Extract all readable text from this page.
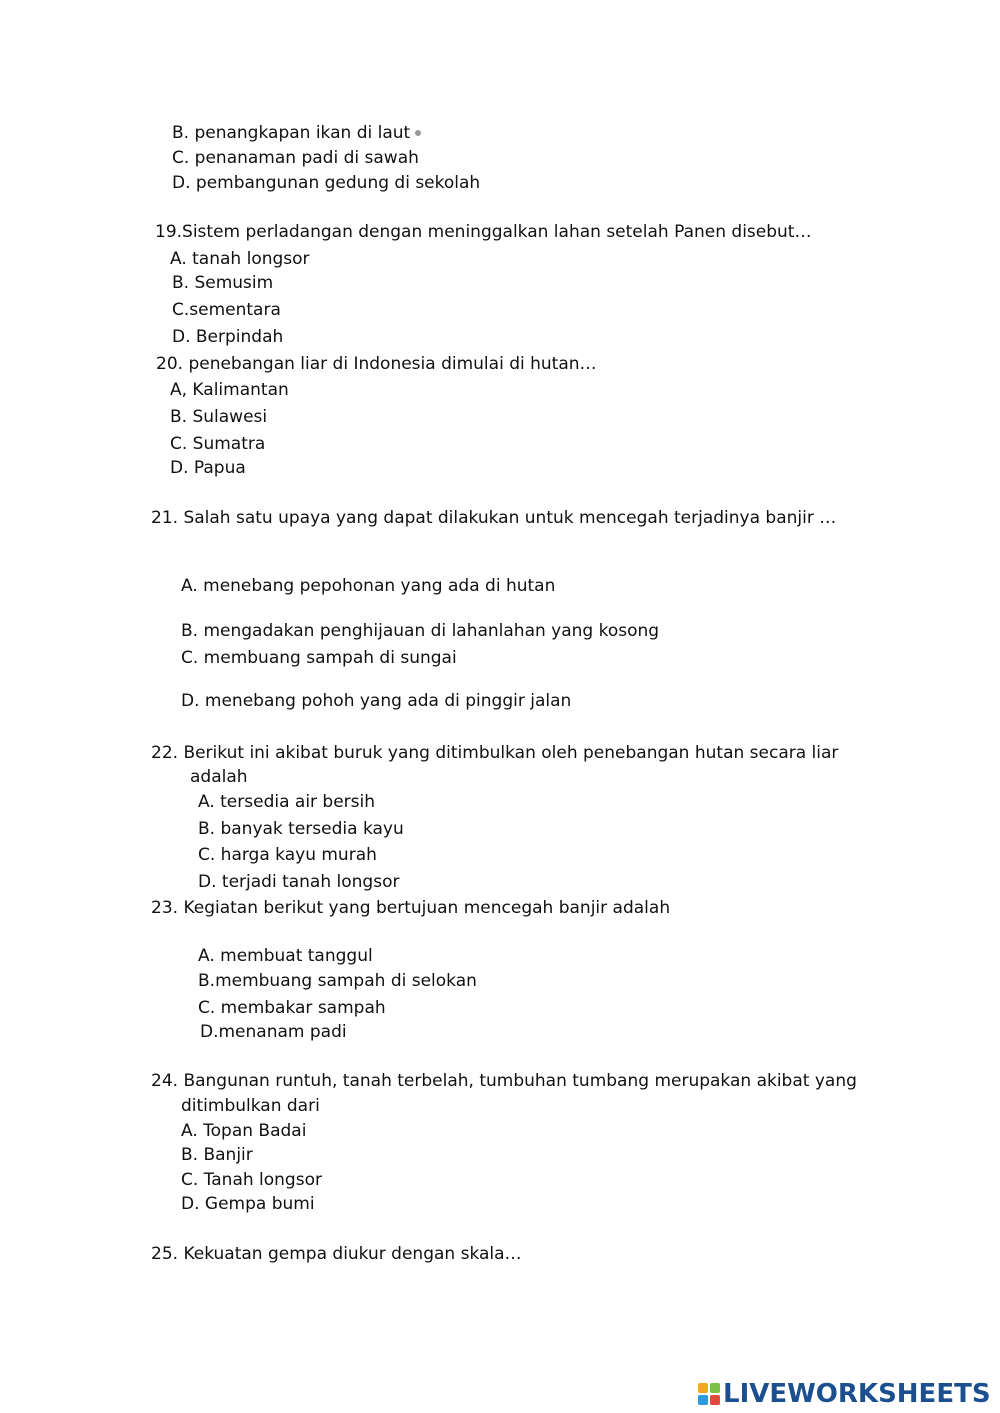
B. penangkapan ikan di laut
C. penanaman padi di sawah
D. pembangunan gedung di sekolah
19.Sistem perladangan dengan meninggalkan lahan setelah Panen disebut…
A. tanah longsor
B. Semusim
C.sementara
D. Berpindah
20. penebangan liar di Indonesia dimulai di hutan…
A, Kalimantan
B. Sulawesi
C. Sumatra
D. Papua
21. Salah satu upaya yang dapat dilakukan untuk mencegah terjadinya banjir …
A. menebang pepohonan yang ada di hutan
B. mengadakan penghijauan di lahanlahan yang kosong
C. membuang sampah di sungai
D. menebang pohoh yang ada di pinggir jalan
22. Berikut ini akibat buruk yang ditimbulkan oleh penebangan hutan secara liar
adalah
A. tersedia air bersih
B. banyak tersedia kayu
C. harga kayu murah
D. terjadi tanah longsor
23. Kegiatan berikut yang bertujuan mencegah banjir adalah
A. membuat tanggul
B.membuang sampah di selokan
C. membakar sampah
D.menanam padi
24. Bangunan runtuh, tanah terbelah, tumbuhan tumbang merupakan akibat yang
ditimbulkan dari
A. Topan Badai
B. Banjir
C. Tanah longsor
D. Gempa bumi
25. Kekuatan gempa diukur dengan skala…
LIVEWORKSHEETS
